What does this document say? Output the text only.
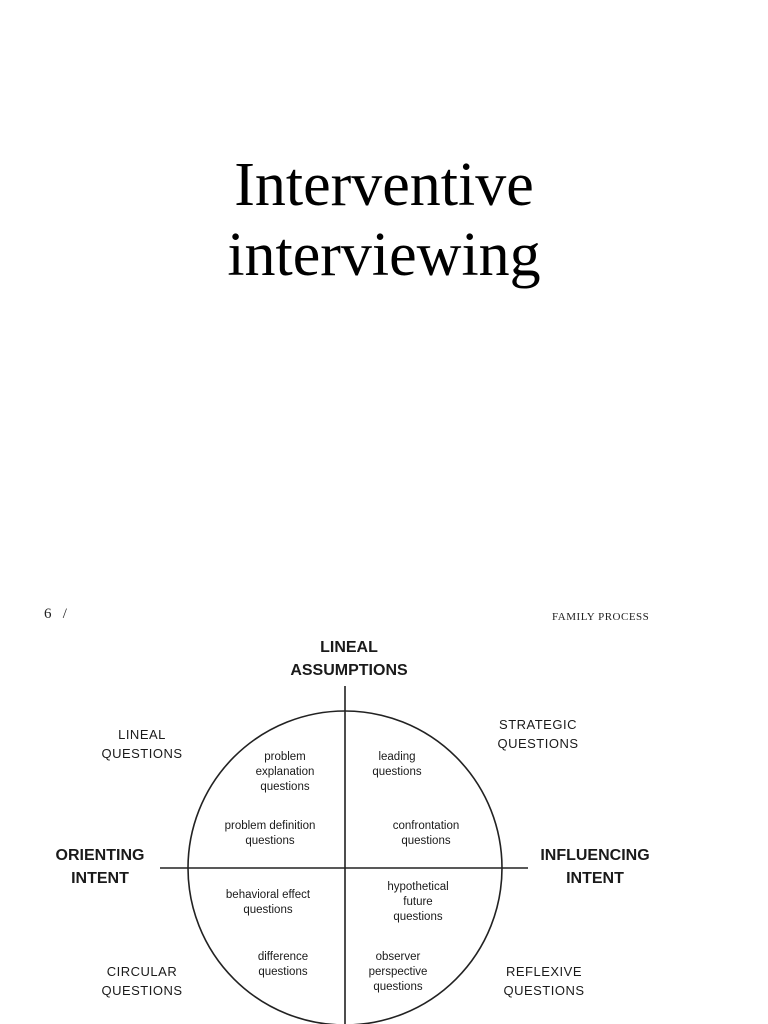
Interventive
interviewing
6 /	FAMILY PROCESS
LINEAL
ASSUMPTIONS
ORIENTING
INTENT
INFLUENCING
INTENT
LINEAL
QUESTIONS
STRATEGIC
QUESTIONS
CIRCULAR
QUESTIONS
REFLEXIVE
QUESTIONS
problem
explanation
questions
problem definition
questions
leading
questions
confrontation
questions
behavioral effect
questions
difference
questions
hypothetical
future
questions
observer
perspective
questions
